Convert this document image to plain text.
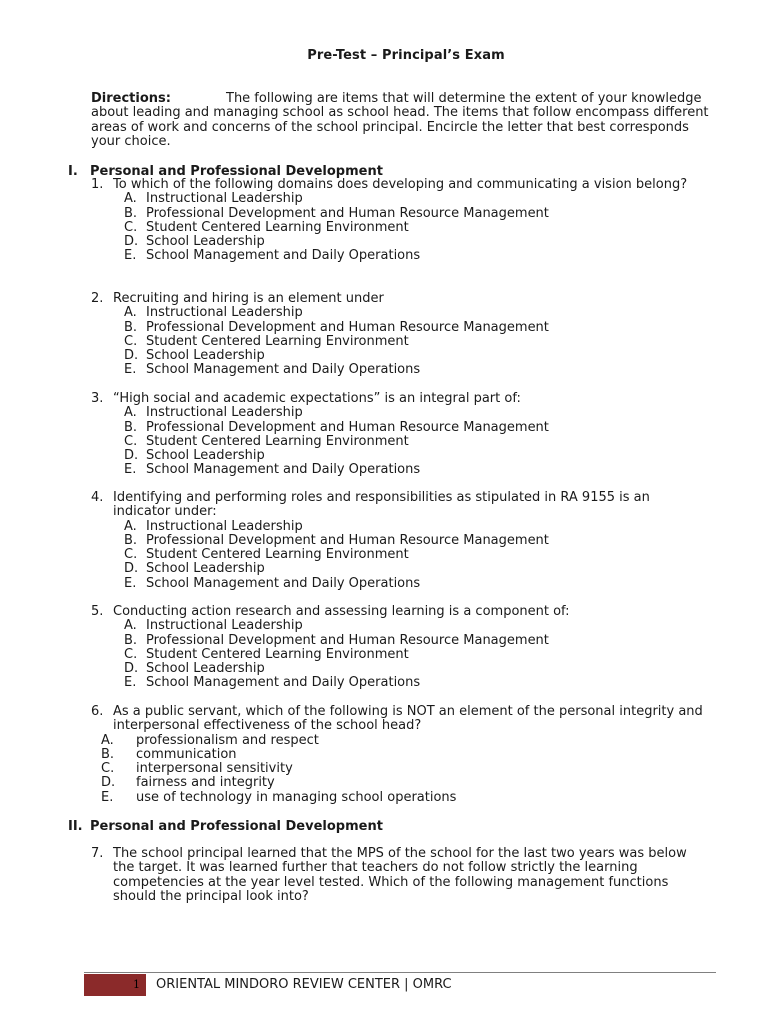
Pre-Test – Principal’s Exam
Directions:	The following are items that will determine the extent of your knowledge about leading and managing school as school head. The items that follow encompass different areas of work and concerns of the school principal. Encircle the letter that best corresponds your choice.
I. Personal and Professional Development
1. To which of the following domains does developing and communicating a vision belong?
A. Instructional Leadership
B. Professional Development and Human Resource Management
C. Student Centered Learning Environment
D. School Leadership
E. School Management and Daily Operations
2. Recruiting and hiring is an element under
A. Instructional Leadership
B. Professional Development and Human Resource Management
C. Student Centered Learning Environment
D. School Leadership
E. School Management and Daily Operations
3. “High social and academic expectations” is an integral part of:
A. Instructional Leadership
B. Professional Development and Human Resource Management
C. Student Centered Learning Environment
D. School Leadership
E. School Management and Daily Operations
4. Identifying and performing roles and responsibilities as stipulated in RA 9155 is an indicator under:
A. Instructional Leadership
B. Professional Development and Human Resource Management
C. Student Centered Learning Environment
D. School Leadership
E. School Management and Daily Operations
5. Conducting action research and assessing learning is a component of:
A. Instructional Leadership
B. Professional Development and Human Resource Management
C. Student Centered Learning Environment
D. School Leadership
E. School Management and Daily Operations
6. As a public servant, which of the following is NOT an element of the personal integrity and interpersonal effectiveness of the school head?
A. professionalism and respect
B. communication
C. interpersonal sensitivity
D. fairness and integrity
E. use of technology in managing school operations
II. Personal and Professional Development
7. The school principal learned that the MPS of the school for the last two years was below the target. It was learned further that teachers do not follow strictly the learning competencies at the year level tested. Which of the following management functions should the principal look into?
1	ORIENTAL MINDORO REVIEW CENTER | OMRC
